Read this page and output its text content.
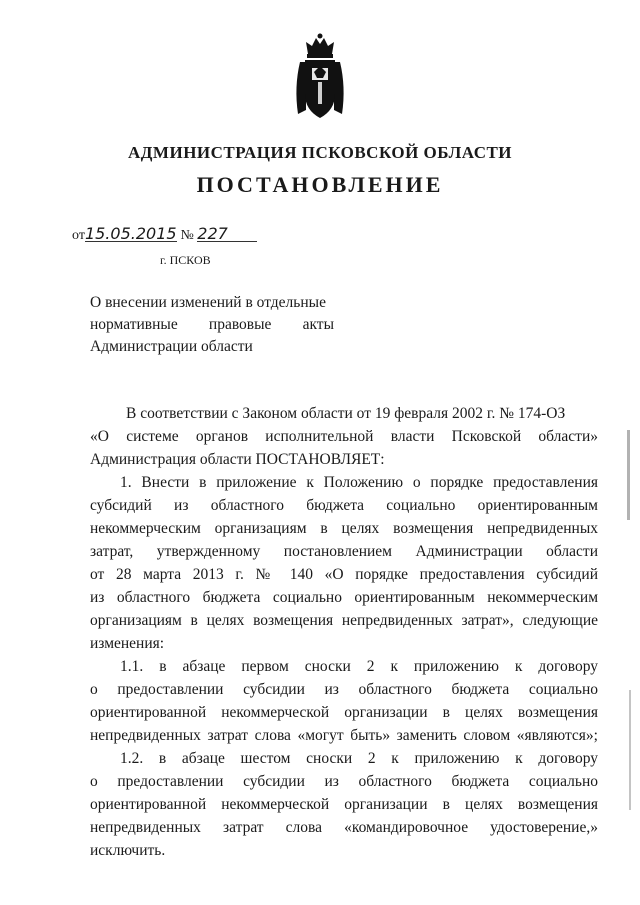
АДМИНИСТРАЦИЯ ПСКОВСКОЙ ОБЛАСТИ
ПОСТАНОВЛЕНИЕ
от15.05.2015 № 227
г. ПСКОВ
О внесении изменений в отдельные
нормативные правовые акты
Администрации области
В соответствии с Законом области от 19 февраля 2002 г. № 174-ОЗ
«О системе органов исполнительной власти Псковской области»
Администрация области ПОСТАНОВЛЯЕТ:
1. Внести в приложение к Положению о порядке предоставления
субсидий из областного бюджета социально ориентированным
некоммерческим организациям в целях возмещения непредвиденных
затрат, утвержденному постановлением Администрации области
от 28 марта 2013 г. № 140 «О порядке предоставления субсидий
из областного бюджета социально ориентированным некоммерческим
организациям в целях возмещения непредвиденных затрат», следующие
изменения:
1.1. в абзаце первом сноски 2 к приложению к договору
о предоставлении субсидии из областного бюджета социально
ориентированной некоммерческой организации в целях возмещения
непредвиденных затрат слова «могут быть» заменить словом «являются»;
1.2. в абзаце шестом сноски 2 к приложению к договору
о предоставлении субсидии из областного бюджета социально
ориентированной некоммерческой организации в целях возмещения
непредвиденных затрат слова «командировочное удостоверение,»
исключить.
